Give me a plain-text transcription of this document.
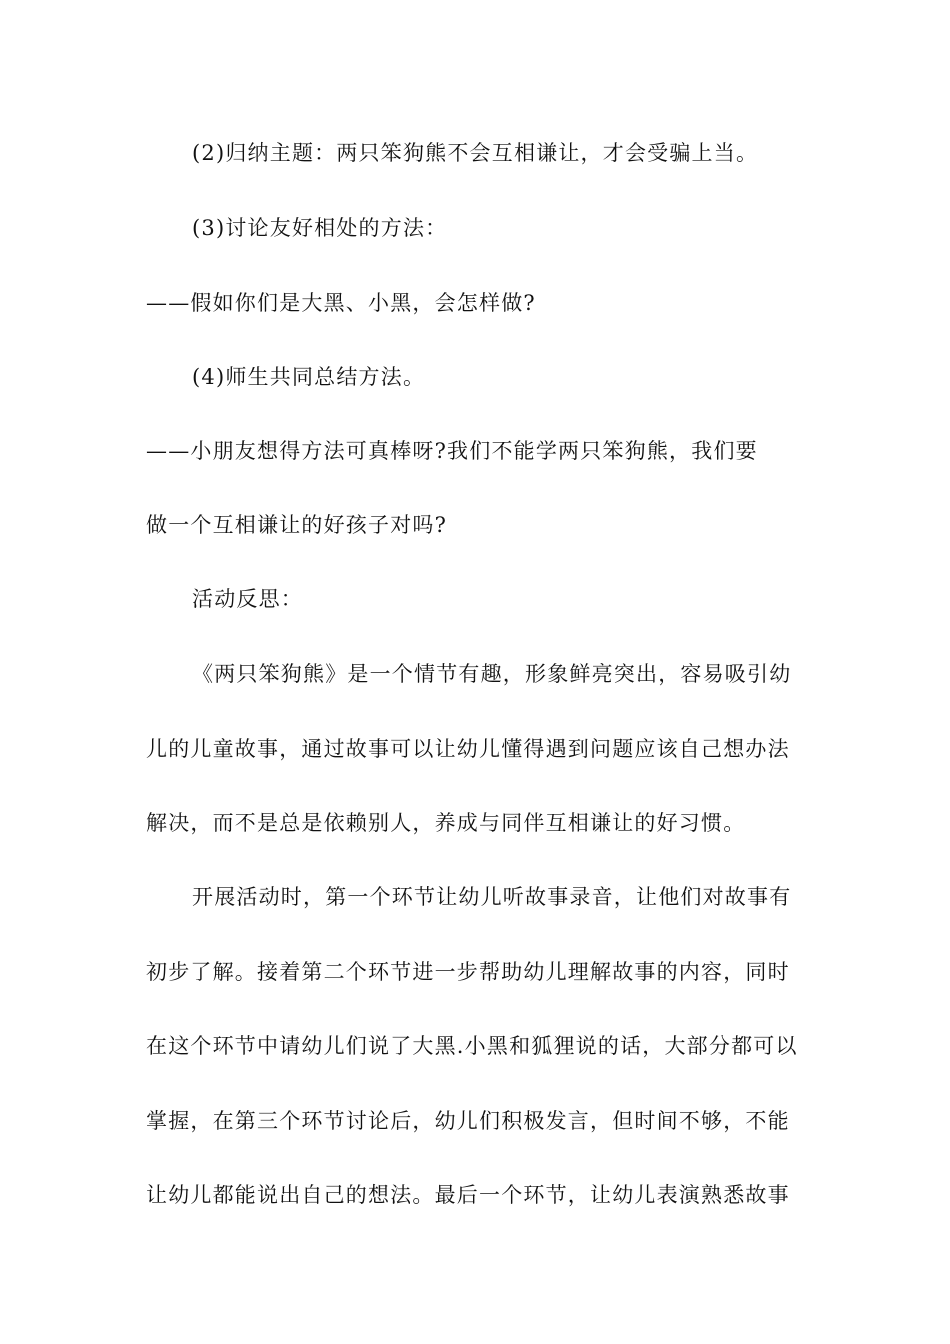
(2)归纳主题：两只笨狗熊不会互相谦让，才会受骗上当。
(3)讨论友好相处的方法：
——假如你们是大黑、小黑，会怎样做?
(4)师生共同总结方法。
——小朋友想得方法可真棒呀?我们不能学两只笨狗熊，我们要
做一个互相谦让的好孩子对吗?
活动反思：
《两只笨狗熊》是一个情节有趣，形象鲜亮突出，容易吸引幼
儿的儿童故事，通过故事可以让幼儿懂得遇到问题应该自己想办法
解决，而不是总是依赖别人，养成与同伴互相谦让的好习惯。
开展活动时，第一个环节让幼儿听故事录音，让他们对故事有
初步了解。接着第二个环节进一步帮助幼儿理解故事的内容，同时
在这个环节中请幼儿们说了大黑.小黑和狐狸说的话，大部分都可以
掌握，在第三个环节讨论后，幼儿们积极发言，但时间不够，不能
让幼儿都能说出自己的想法。最后一个环节，让幼儿表演熟悉故事
